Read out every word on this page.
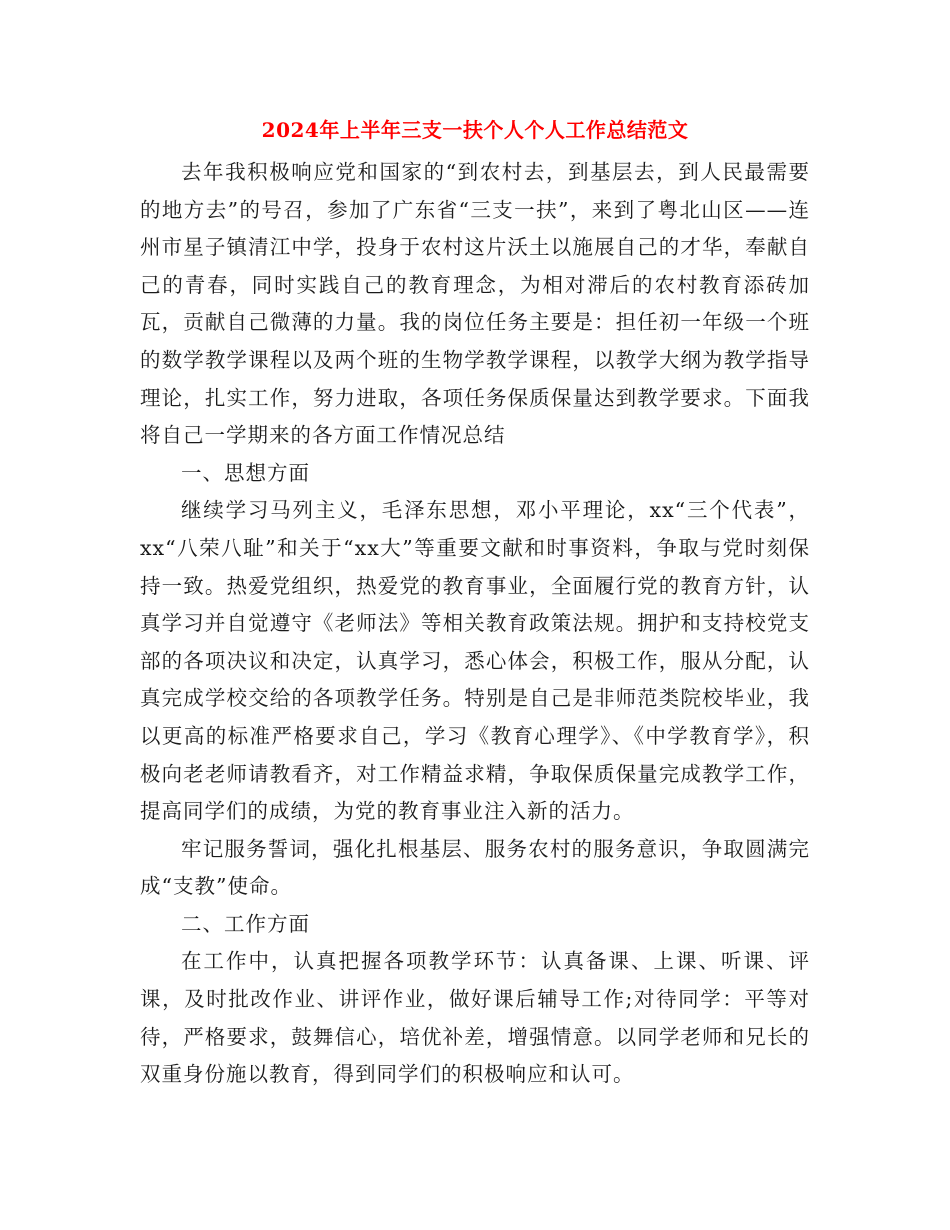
2024年上半年三支一扶个人个人工作总结范文

去年我积极响应党和国家的“到农村去，到基层去，到人民最需要的地方去”的号召，参加了广东省“三支一扶”，来到了粤北山区——连州市星子镇清江中学，投身于农村这片沃土以施展自己的才华，奉献自己的青春，同时实践自己的教育理念，为相对滞后的农村教育添砖加瓦，贡献自己微薄的力量。我的岗位任务主要是：担任初一年级一个班的数学教学课程以及两个班的生物学教学课程，以教学大纲为教学指导理论，扎实工作，努力进取，各项任务保质保量达到教学要求。下面我将自己一学期来的各方面工作情况总结

一、思想方面

继续学习马列主义，毛泽东思想，邓小平理论，xx“三个代表”，xx“八荣八耻”和关于“xx大”等重要文献和时事资料，争取与党时刻保持一致。热爱党组织，热爱党的教育事业，全面履行党的教育方针，认真学习并自觉遵守《老师法》等相关教育政策法规。拥护和支持校党支部的各项决议和决定，认真学习，悉心体会，积极工作，服从分配，认真完成学校交给的各项教学任务。特别是自己是非师范类院校毕业，我以更高的标准严格要求自己，学习《教育心理学》、《中学教育学》，积极向老老师请教看齐，对工作精益求精，争取保质保量完成教学工作，提高同学们的成绩，为党的教育事业注入新的活力。

牢记服务誓词，强化扎根基层、服务农村的服务意识，争取圆满完成“支教”使命。

二、工作方面

在工作中，认真把握各项教学环节：认真备课、上课、听课、评课，及时批改作业、讲评作业，做好课后辅导工作;对待同学：平等对待，严格要求，鼓舞信心，培优补差，增强情意。以同学老师和兄长的双重身份施以教育，得到同学们的积极响应和认可。
